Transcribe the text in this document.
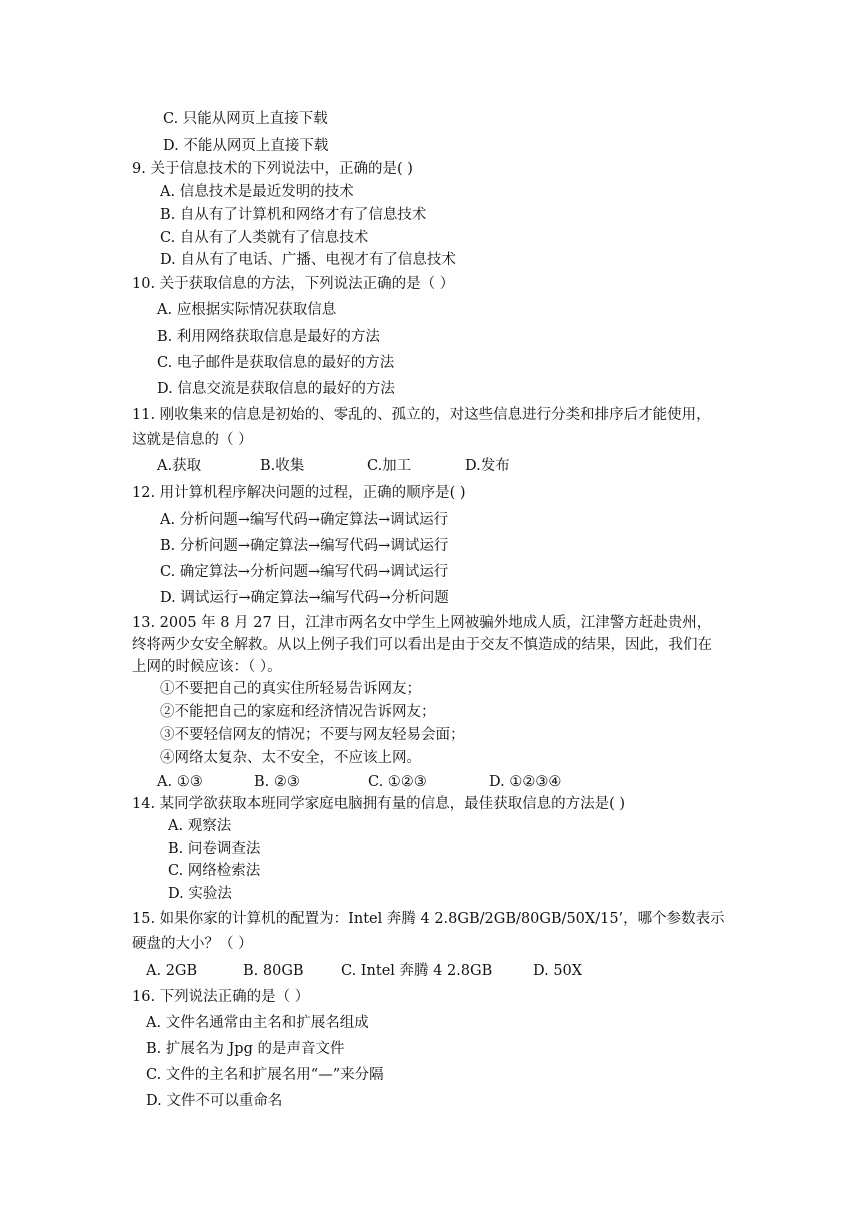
C. 只能从网页上直接下载
D. 不能从网页上直接下载
9. 关于信息技术的下列说法中，正确的是( )
A. 信息技术是最近发明的技术
B. 自从有了计算机和网络才有了信息技术
C. 自从有了人类就有了信息技术
D. 自从有了电话、广播、电视才有了信息技术
10. 关于获取信息的方法，下列说法正确的是（ ）
A. 应根据实际情况获取信息
B. 利用网络获取信息是最好的方法
C. 电子邮件是获取信息的最好的方法
D. 信息交流是获取信息的最好的方法
11. 刚收集来的信息是初始的、零乱的、孤立的，对这些信息进行分类和排序后才能使用，
这就是信息的（ ）
A.获取	B.收集	C.加工	D.发布
12. 用计算机程序解决问题的过程，正确的顺序是( )
A. 分析问题→编写代码→确定算法→调试运行
B. 分析问题→确定算法→编写代码→调试运行
C. 确定算法→分析问题→编写代码→调试运行
D. 调试运行→确定算法→编写代码→分析问题
13. 2005 年 8 月 27 日，江津市两名女中学生上网被骗外地成人质，江津警方赶赴贵州，
终将两少女安全解救。从以上例子我们可以看出是由于交友不慎造成的结果，因此，我们在
上网的时候应该：（ ）。
①不要把自己的真实住所轻易告诉网友；
②不能把自己的家庭和经济情况告诉网友；
③不要轻信网友的情况；不要与网友轻易会面；
④网络太复杂、太不安全，不应该上网。
A. ①③	B. ②③	C. ①②③	D. ①②③④
14. 某同学欲获取本班同学家庭电脑拥有量的信息，最佳获取信息的方法是( )
A. 观察法
B. 问卷调查法
C. 网络检索法
D. 实验法
15. 如果你家的计算机的配置为：Intel 奔腾 4 2.8GB/2GB/80GB/50X/15’，哪个参数表示
硬盘的大小？（ ）
A. 2GB	B. 80GB	C. Intel 奔腾 4 2.8GB	D. 50X
16. 下列说法正确的是（ ）
A. 文件名通常由主名和扩展名组成
B. 扩展名为 Jpg 的是声音文件
C. 文件的主名和扩展名用“—”来分隔
D. 文件不可以重命名
